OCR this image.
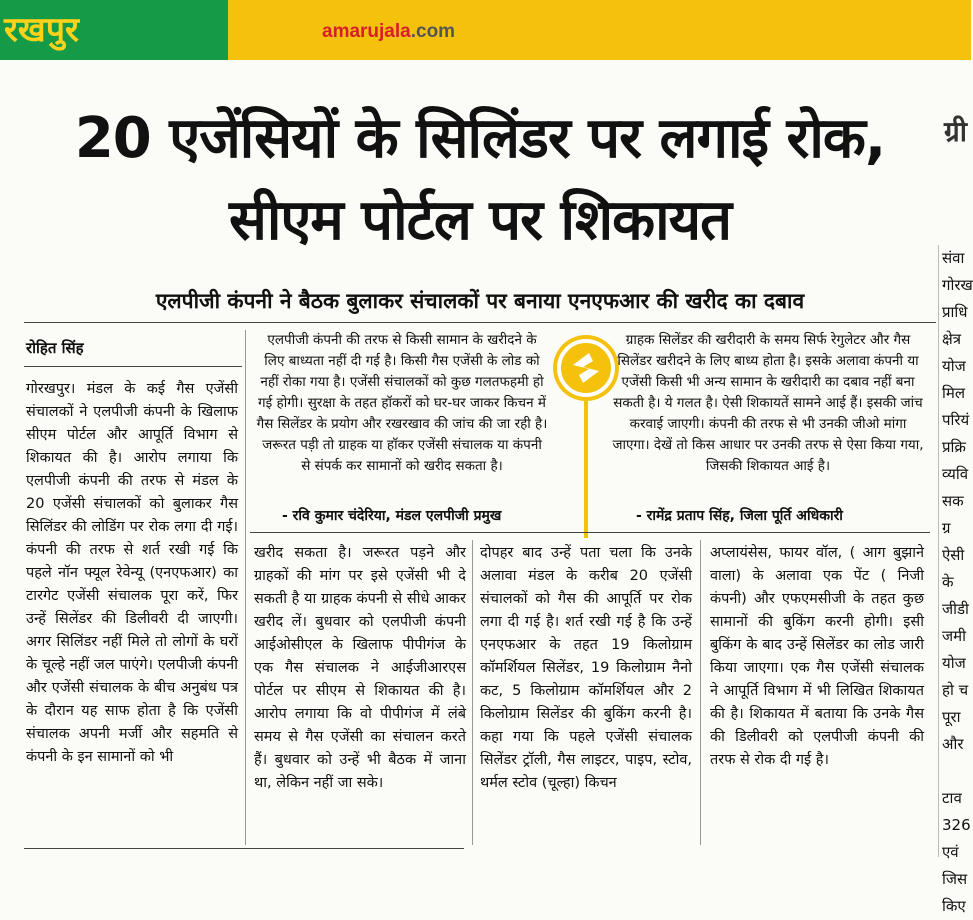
रखपुर	amarujala.com
20 एजेंसियों के सिलिंडर पर लगाई रोक, सीएम पोर्टल पर शिकायत
ग्री
एलपीजी कंपनी ने बैठक बुलाकर संचालकों पर बनाया एनएफआर की खरीद का दबाव
रोहित सिंह

गोरखपुर। मंडल के कई गैस एजेंसी संचालकों ने एलपीजी कंपनी के खिलाफ सीएम पोर्टल और आपूर्ति विभाग से शिकायत की है। आरोप लगाया कि एलपीजी कंपनी की तरफ से मंडल के 20 एजेंसी संचालकों को बुलाकर गैस सिलिंडर की लोडिंग पर रोक लगा दी गई। कंपनी की तरफ से शर्त रखी गई कि पहले नॉन फ्यूल रेवेन्यू (एनएफआर) का टारगेट एजेंसी संचालक पूरा करें, फिर उन्हें सिलेंडर की डिलीवरी दी जाएगी। अगर सिलिंडर नहीं मिले तो लोगों के घरों के चूल्हे नहीं जल पाएंगे। एलपीजी कंपनी और एजेंसी संचालक के बीच अनुबंध पत्र के दौरान यह साफ होता है कि एजेंसी संचालक अपनी मर्जी और सहमति से कंपनी के इन सामानों को भी

एलपीजी कंपनी की तरफ से किसी सामान के खरीदने के लिए बाध्यता नहीं दी गई है। किसी गैस एजेंसी के लोड को नहीं रोका गया है। एजेंसी संचालकों को कुछ गलतफहमी हो गई होगी। सुरक्षा के तहत हॉकरों को घर-घर जाकर किचन में गैस सिलेंडर के प्रयोग और रखरखाव की जांच की जा रही है। जरूरत पड़ी तो ग्राहक या हॉकर एजेंसी संचालक या कंपनी से संपर्क कर सामानों को खरीद सकता है।

- रवि कुमार चंदेरिया, मंडल एलपीजी प्रमुख

ग्राहक सिलेंडर की खरीदारी के समय सिर्फ रेगुलेटर और गैस सिलेंडर खरीदने के लिए बाध्य होता है। इसके अलावा कंपनी या एजेंसी किसी भी अन्य सामान के खरीदारी का दबाव नहीं बना सकती है। ये गलत है। ऐसी शिकायतें सामने आई हैं। इसकी जांच करवाई जाएगी। कंपनी की तरफ से भी उनकी जीओ मांगा जाएगा। देखें तो किस आधार पर उनकी तरफ से ऐसा किया गया, जिसकी शिकायत आई है।

- रामेंद्र प्रताप सिंह, जिला पूर्ति अधिकारी

खरीद सकता है। जरूरत पड़ने और ग्राहकों की मांग पर इसे एजेंसी भी दे सकती है या ग्राहक कंपनी से सीधे आकर खरीद लें। बुधवार को एलपीजी कंपनी आईओसीएल के खिलाफ पीपीगंज के एक गैस संचालक ने आईजीआरएस पोर्टल पर सीएम से शिकायत की है। आरोप लगाया कि वो पीपीगंज में लंबे समय से गैस एजेंसी का संचालन करते हैं। बुधवार को उन्हें भी बैठक में जाना था, लेकिन नहीं जा सके।

दोपहर बाद उन्हें पता चला कि उनके अलावा मंडल के करीब 20 एजेंसी संचालकों को गैस की आपूर्ति पर रोक लगा दी गई है। शर्त रखी गई है कि उन्हें एनएफआर के तहत 19 किलोग्राम कॉमर्शियल सिलेंडर, 19 किलोग्राम नैनो कट, 5 किलोग्राम कॉमर्शियल और 2 किलोग्राम सिलेंडर की बुकिंग करनी है। कहा गया कि पहले एजेंसी संचालक सिलेंडर ट्रॉली, गैस लाइटर, पाइप, स्टोव, थर्मल स्टोव (चूल्हा) किचन

अप्लायंसेस, फायर वॉल, ( आग बुझाने वाला) के अलावा एक पेंट ( निजी कंपनी) और एफएमसीजी के तहत कुछ सामानों की बुकिंग करनी होगी। इसी बुकिंग के बाद उन्हें सिलेंडर का लोड जारी किया जाएगा। एक गैस एजेंसी संचालक ने आपूर्ति विभाग में भी लिखित शिकायत की है। शिकायत में बताया कि उनके गैस की डिलीवरी को एलपीजी कंपनी की तरफ से रोक दी गई है।

संवा
गोरख
प्राधि
क्षेत्र
योज
मिल
परियं
प्रक्रि
व्यवि
सक
ग्र
ऐसी
के
जीडी
जमी
योज
हो च
पूरा
और

टाव
326
एवं
जिस
किए
